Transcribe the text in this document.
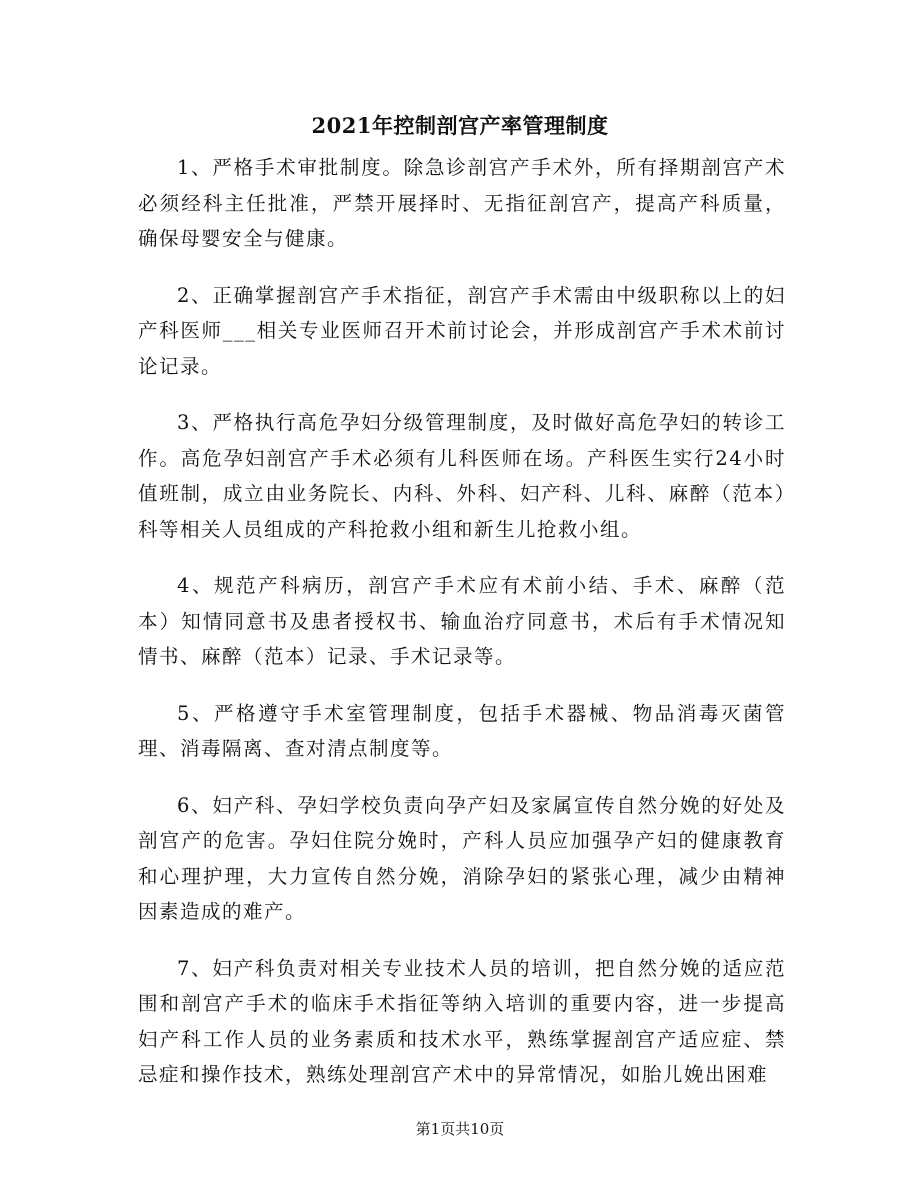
2021年控制剖宫产率管理制度

1、严格手术审批制度。除急诊剖宫产手术外，所有择期剖宫产术必须经科主任批准，严禁开展择时、无指征剖宫产，提高产科质量，确保母婴安全与健康。

2、正确掌握剖宫产手术指征，剖宫产手术需由中级职称以上的妇产科医师___相关专业医师召开术前讨论会，并形成剖宫产手术术前讨论记录。

3、严格执行高危孕妇分级管理制度，及时做好高危孕妇的转诊工作。高危孕妇剖宫产手术必须有儿科医师在场。产科医生实行24小时值班制，成立由业务院长、内科、外科、妇产科、儿科、麻醉（范本）科等相关人员组成的产科抢救小组和新生儿抢救小组。

4、规范产科病历，剖宫产手术应有术前小结、手术、麻醉（范本）知情同意书及患者授权书、输血治疗同意书，术后有手术情况知情书、麻醉（范本）记录、手术记录等。

5、严格遵守手术室管理制度，包括手术器械、物品消毒灭菌管理、消毒隔离、查对清点制度等。

6、妇产科、孕妇学校负责向孕产妇及家属宣传自然分娩的好处及剖宫产的危害。孕妇住院分娩时，产科人员应加强孕产妇的健康教育和心理护理，大力宣传自然分娩，消除孕妇的紧张心理，减少由精神因素造成的难产。

7、妇产科负责对相关专业技术人员的培训，把自然分娩的适应范围和剖宫产手术的临床手术指征等纳入培训的重要内容，进一步提高妇产科工作人员的业务素质和技术水平，熟练掌握剖宫产适应症、禁忌症和操作技术，熟练处理剖宫产术中的异常情况，如胎儿娩出困难

第1页共10页
